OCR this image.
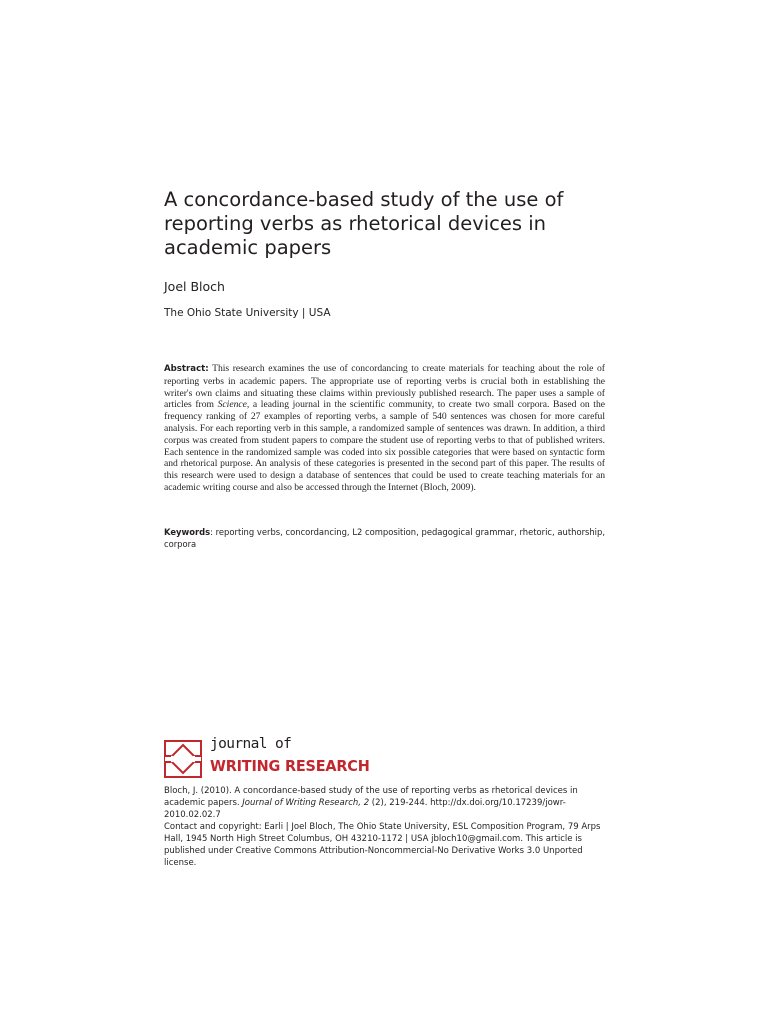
A concordance-based study of the use of reporting verbs as rhetorical devices in academic papers

Joel Bloch

The Ohio State University | USA

Abstract: This research examines the use of concordancing to create materials for teaching about the role of reporting verbs in academic papers. The appropriate use of reporting verbs is crucial both in establishing the writer's own claims and situating these claims within previously published research. The paper uses a sample of articles from Science, a leading journal in the scientific community, to create two small corpora. Based on the frequency ranking of 27 examples of reporting verbs, a sample of 540 sentences was chosen for more careful analysis. For each reporting verb in this sample, a randomized sample of sentences was drawn. In addition, a third corpus was created from student papers to compare the student use of reporting verbs to that of published writers. Each sentence in the randomized sample was coded into six possible categories that were based on syntactic form and rhetorical purpose. An analysis of these categories is presented in the second part of this paper. The results of this research were used to design a database of sentences that could be used to create teaching materials for an academic writing course and also be accessed through the Internet (Bloch, 2009).

Keywords: reporting verbs, concordancing, L2 composition, pedagogical grammar, rhetoric, authorship, corpora

journal of
WRITING RESEARCH

Bloch, J. (2010). A concordance-based study of the use of reporting verbs as rhetorical devices in academic papers. Journal of Writing Research, 2 (2), 219-244. http://dx.doi.org/10.17239/jowr-2010.02.02.7
Contact and copyright: Earli | Joel Bloch, The Ohio State University, ESL Composition Program, 79 Arps Hall, 1945 North High Street Columbus, OH 43210-1172 | USA jbloch10@gmail.com. This article is published under Creative Commons Attribution-Noncommercial-No Derivative Works 3.0 Unported license.
